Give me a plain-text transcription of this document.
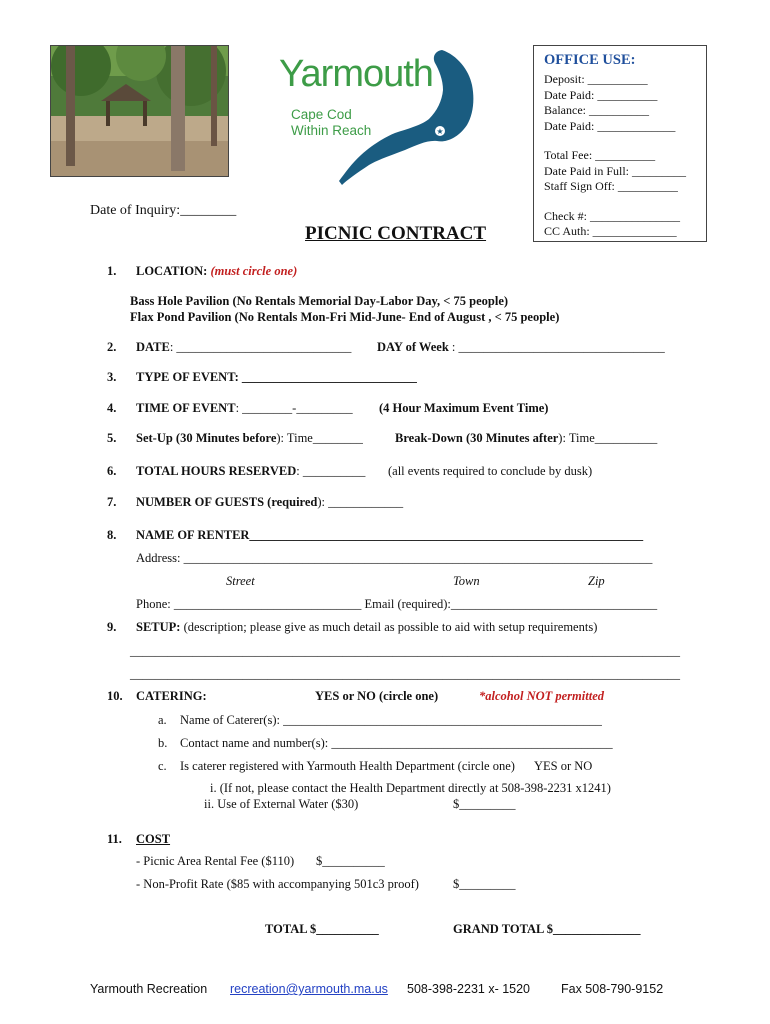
★
Yarmouth
Cape Cod
Within Reach
OFFICE USE:
Deposit: __________
Date Paid: __________
Balance: __________
Date Paid: _____________
Total Fee: __________
Date Paid in Full: _________
Staff Sign Off: __________
Check #: _______________
CC Auth: ______________
Date of Inquiry:________
PICNIC CONTRACT
1. LOCATION: (must circle one)
Bass Hole Pavilion (No Rentals Memorial Day-Labor Day, < 75 people)
Flax Pond Pavilion (No Rentals Mon-Fri Mid-June- End of August , < 75 people)
2. DATE: ____________________________ DAY of Week : _________________________________
3. TYPE OF EVENT: ____________________________
4. TIME OF EVENT: ________-_________ (4 Hour Maximum Event Time)
5. Set-Up (30 Minutes before): Time________	Break-Down (30 Minutes after): Time__________
6. TOTAL HOURS RESERVED: __________ (all events required to conclude by dusk)
7. NUMBER OF GUESTS (required): ____________
8. NAME OF RENTER_______________________________________________________________
Address: ___________________________________________________________________________
Street	Town	Zip
Phone: ______________________________ Email (required):_________________________________
9. SETUP: (description; please give as much detail as possible to aid with setup requirements)
________________________________________________________________________________________
________________________________________________________________________________________
10. CATERING:	YES or NO (circle one)	*alcohol NOT permitted
a. Name of Caterer(s): ___________________________________________________
b. Contact name and number(s): _____________________________________________
c. Is caterer registered with Yarmouth Health Department (circle one) YES or NO
i. (If not, please contact the Health Department directly at 508-398-2231 x1241)
ii. Use of External Water ($30)	$_________
11. COST
- Picnic Area Rental Fee ($110) $__________
- Non-Profit Rate ($85 with accompanying 501c3 proof)	$_________
TOTAL $__________	GRAND TOTAL $______________
Yarmouth Recreation recreation@yarmouth.ma.us 508-398-2231 x- 1520 Fax 508-790-9152
